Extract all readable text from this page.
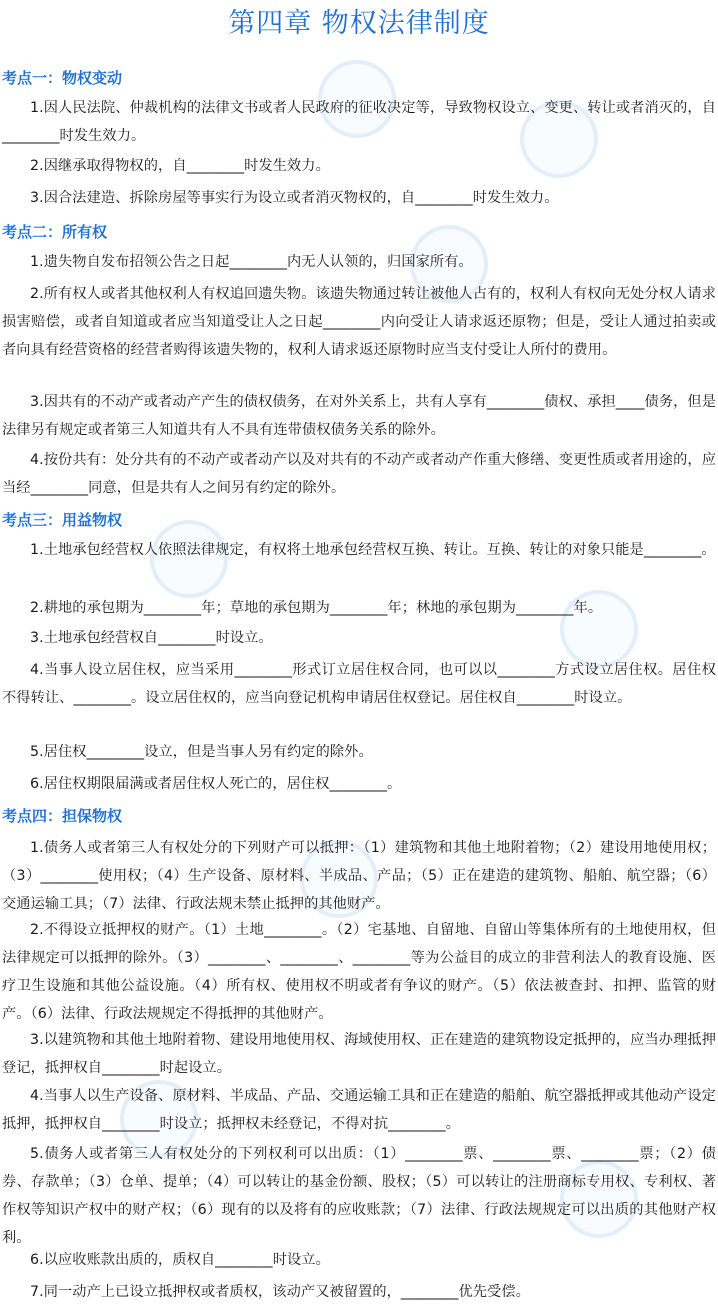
第四章 物权法律制度
考点一：物权变动
1.因人民法院、仲裁机构的法律文书或者人民政府的征收决定等，导致物权设立、变更、转让或者消灭的，自________时发生效力。
2.因继承取得物权的，自________时发生效力。
3.因合法建造、拆除房屋等事实行为设立或者消灭物权的，自________时发生效力。
考点二：所有权
1.遗失物自发布招领公告之日起________内无人认领的，归国家所有。
2.所有权人或者其他权利人有权追回遗失物。该遗失物通过转让被他人占有的，权利人有权向无处分权人请求损害赔偿，或者自知道或者应当知道受让人之日起________内向受让人请求返还原物；但是，受让人通过拍卖或者向具有经营资格的经营者购得该遗失物的，权利人请求返还原物时应当支付受让人所付的费用。
3.因共有的不动产或者动产产生的债权债务，在对外关系上，共有人享有________债权、承担____债务，但是法律另有规定或者第三人知道共有人不具有连带债权债务关系的除外。
4.按份共有：处分共有的不动产或者动产以及对共有的不动产或者动产作重大修缮、变更性质或者用途的，应当经________同意，但是共有人之间另有约定的除外。
考点三：用益物权
1.土地承包经营权人依照法律规定，有权将土地承包经营权互换、转让。互换、转让的对象只能是________。
2.耕地的承包期为________年；草地的承包期为________年；林地的承包期为________年。
3.土地承包经营权自________时设立。
4.当事人设立居住权，应当采用________形式订立居住权合同，也可以以________方式设立居住权。居住权不得转让、________。设立居住权的，应当向登记机构申请居住权登记。居住权自________时设立。
5.居住权________设立，但是当事人另有约定的除外。
6.居住权期限届满或者居住权人死亡的，居住权________。
考点四：担保物权
1.债务人或者第三人有权处分的下列财产可以抵押：（1）建筑物和其他土地附着物；（2）建设用地使用权；（3）________使用权；（4）生产设备、原材料、半成品、产品；（5）正在建造的建筑物、船舶、航空器；（6）交通运输工具；（7）法律、行政法规未禁止抵押的其他财产。
2.不得设立抵押权的财产。（1）土地________。（2）宅基地、自留地、自留山等集体所有的土地使用权，但法律规定可以抵押的除外。（3）________、________、________等为公益目的成立的非营利法人的教育设施、医疗卫生设施和其他公益设施。（4）所有权、使用权不明或者有争议的财产。（5）依法被查封、扣押、监管的财产。（6）法律、行政法规规定不得抵押的其他财产。
3.以建筑物和其他土地附着物、建设用地使用权、海域使用权、正在建造的建筑物设定抵押的，应当办理抵押登记，抵押权自________时起设立。
4.当事人以生产设备、原材料、半成品、产品、交通运输工具和正在建造的船舶、航空器抵押或其他动产设定抵押，抵押权自________时设立；抵押权未经登记，不得对抗________。
5.债务人或者第三人有权处分的下列权利可以出质：（1）________票、________票、________票；（2）债券、存款单；（3）仓单、提单；（4）可以转让的基金份额、股权；（5）可以转让的注册商标专用权、专利权、著作权等知识产权中的财产权；（6）现有的以及将有的应收账款；（7）法律、行政法规规定可以出质的其他财产权利。
6.以应收账款出质的，质权自________时设立。
7.同一动产上已设立抵押权或者质权，该动产又被留置的，________优先受偿。
